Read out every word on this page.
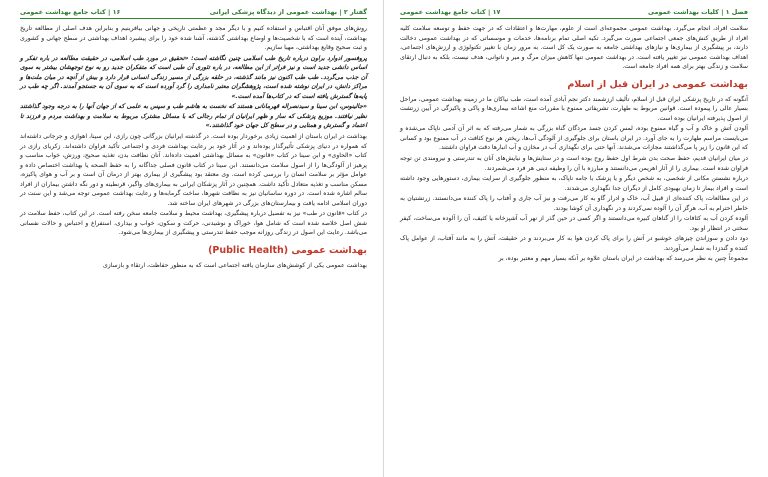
گفتار ۲ | بهداشت عمومی از دیدگاه پزشکی ایرانی
۱۶ | کتاب جامع بهداشت عمومی

روش‌های موفق آنان اقتباس و استفاده کنیم و با دیگر مجد و عظمتی تاریخی و جهانی بیافرینیم و بنابراین هدف اصلی از مطالعه تاریخ بهداشت، آینده است که با شخصیت‌ها و اوضاع بهداشتی گذشته، آشنا شده خود را برای پیشبرد اهداف بهداشتی در سطح جهانی و کشوری و ثبت صحیح وقایع بهداشتی، مهیا سازیم.

پروفسور ادوارد براون درباره تاریخ طب اسلامی چنین نگاشته است: «تحقیق در مورد طب اسلامی، در حقیقت مطالعه در باره تفکر و اساس دانشی جدید است و نیز فراتر از این مطالعه، در باره تئوری آن طبی است که متفکران جدید رو به نوع توجهشان بیشتر به سوی آن جذب می‌گردد. طب طب اکنون نیز مانند گذشته، در حلقه بزرگی از مسیر زندگی انسانی قرار دارد و بیش از آنچه در میان ملت‌ها و مراکز دانش، در ایران نوشته شده است، پژوهشگران معتبر نامداری را گرد آورده است که به سوی آن به جستجو آمدند. اگر چه طب در پایه‌ها گسترش یافته است که در کتاب‌ها آمده است.»

«جالینوس، ابن سینا و سیدنصراله قهرمانانی هستند که نخست به هاشم طب و سپس به علمی که از جهان آنها را به درجه وجود گذاشتند نظیر نیافتند. موزیع پزشکی که ساز و ظهر ایرانیان از تمام رجالی که با مسائل مشترک مربوط به سلامت و بهداشت مردم و فرزند تا اعتماد و گسترش و همتایی و در سطح کل جهان خود گذاشتند.»

بهداشت در ایران باستان از اهمیت زیادی برخوردار بوده است. در گذشته ایرانیان بزرگانی چون رازی، ابن سینا، اهوازی و جرجانی داشته‌اند که همواره در دنیای پزشکی تأثیرگذار بوده‌اند و در آثار خود بر رعایت بهداشت فردی و اجتماعی تأکید فراوان داشته‌اند. زکریای رازی در کتاب «الحاوی» و ابن سینا در کتاب «قانون» به مسائل بهداشتی اهمیت داده‌اند. آنان نظافت بدن، تغذیه صحیح، ورزش، خواب مناسب و پرهیز از آلودگی‌ها را از اصول سلامت می‌دانستند. ابن سینا در کتاب قانون فصلی جداگانه را به حفظ الصحه یا بهداشت اختصاص داده و عوامل مؤثر بر سلامت انسان را بررسی کرده است. وی معتقد بود پیشگیری از بیماری بهتر از درمان آن است و بر آب و هوای پاکیزه، مسکن مناسب و تغذیه متعادل تأکید داشت. همچنین در آثار پزشکان ایرانی به بیماری‌های واگیر، قرنطینه و دور نگه داشتن بیماران از افراد سالم اشاره شده است. در دوره ساسانیان نیز به نظافت شهرها، ساخت گرمابه‌ها و رعایت بهداشت عمومی توجه می‌شد و این سنت در دوران اسلامی ادامه یافت و بیمارستان‌های بزرگی در شهرهای ایران ساخته شد.

در کتاب «قانون در طب» نیز به تفصیل درباره پیشگیری، بهداشت محیط و سلامت جامعه سخن رفته است. در این کتاب، حفظ سلامت در شش اصل خلاصه شده است که شامل هوا، خوراک و نوشیدنی، حرکت و سکون، خواب و بیداری، استفراغ و احتباس و حالات نفسانی می‌باشد. رعایت این اصول در زندگی روزانه موجب حفظ تندرستی و پیشگیری از بیماری‌ها می‌شود.

بهداشت عمومی (Public Health)

بهداشت عمومی یکی از کوشش‌های سازمان یافته اجتماعی است که به منظور حفاظت، ارتقاء و بازسازی

فصل ۱ | کلیات بهداشت عمومی
۱۷ | کتاب جامع بهداشت عمومی

سلامت افراد، انجام می‌گیرد. بهداشت عمومی مجموعه‌ای است از علوم، مهارت‌ها و اعتقادات که در جهت حفظ و توسعه سلامت کلیه افراد از طریق کنش‌های جمعی اجتماعی صورت می‌گیرد. تکیه اصلی تمام برنامه‌ها، خدمات و موسساتی که در بهداشت عمومی دخالت دارند، بر پیشگیری از بیماری‌ها و نیازهای بهداشتی جامعه به صورت یک کل است. به مرور زمان با تغییر تکنولوژی و ارزش‌های اجتماعی، اهداف بهداشت عمومی نیز تغییر یافته است. در بهداشت عمومی تنها کاهش میزان مرگ و میر و ناتوانی، هدف نیست، بلکه به دنبال ارتقای سلامت و زندگی بهتر برای همه افراد جامعه است.

بهداشت عمومی در ایران قبل از اسلام

آنگونه که در تاریخ پزشکی ایران قبل از اسلام، تألیف ارزشمند دکتر نجم آبادی آمده است، طب نیاکان ما در زمینه بهداشت عمومی، مراحل بسیار عالی را پیموده است. قوانین مربوط به طهارت، تشریفاتی ممنوع با مقررات منع اشاعه بیماری‌ها و پاکی و پاکیزگی در آیین زرتشت از اصول پذیرفته ایرانیان بوده است.

آلودن آتش و خاک و آب و گیاه ممنوع بوده، لمس کردن جسد مردگان گناه بزرگی به شمار می‌رفته که به اثر آن آدمی ناپاک می‌شده و می‌بایست مراسم طهارت را به جای آورد. در ایران باستان برای جلوگیری از آلودگی آب‌ها، ریختن هر نوع کثافت در آب ممنوع بود و کسانی که این قانون را زیر پا می‌گذاشتند مجازات می‌شدند. آنها حتی برای نگهداری آب در مخازن و آب انبارها دقت فراوان داشتند.

در میان ایرانیان قدیم، حفظ صحت بدن شرط اول حفظ روح بوده است و در ستایش‌ها و نیایش‌های آنان به تندرستی و نیرومندی تن توجه فراوان شده است. بیماری را از آثار اهریمن می‌دانستند و مبارزه با آن را وظیفه دینی هر فرد می‌شمردند.

درباره نشستن مکانی از شخصی، به شخص دیگر و یا پزشک با جامه ناپاک، به منظور جلوگیری از سرایت بیماری، دستورهایی وجود داشته است و افراد بیمار تا زمان بهبودی کامل از دیگران جدا نگهداری می‌شدند.

در این مطالعات، پاک کننده‌ای از قبیل آب، خاک و ادرار گاو به کار می‌رفت و نیز آب جاری و آفتاب را پاک کننده می‌دانستند. زرتشتیان به خاطر احترام به آب، هرگز آن را آلوده نمی‌کردند و در نگهداری آن کوشا بودند.

آلوده کردن آب به کثافات را از گناهان کبیره می‌دانستند و اگر کسی در حین گذر از نهر آب آشپزخانه یا کثیف، آن را آلوده می‌ساخت، کیفر سختی در انتظار او بود.

دود دادن و سوزاندن چیزهای خوشبو در آتش را برای پاک کردن هوا به کار می‌بردند و در حقیقت، آتش را به مانند آفتاب، از عوامل پاک کننده و گندزدا به شمار می‌آوردند.

مجموعاً چنین به نظر می‌رسد که بهداشت در ایران باستان علاوه بر آنکه بسیار مهم و معتبر بوده، بر
